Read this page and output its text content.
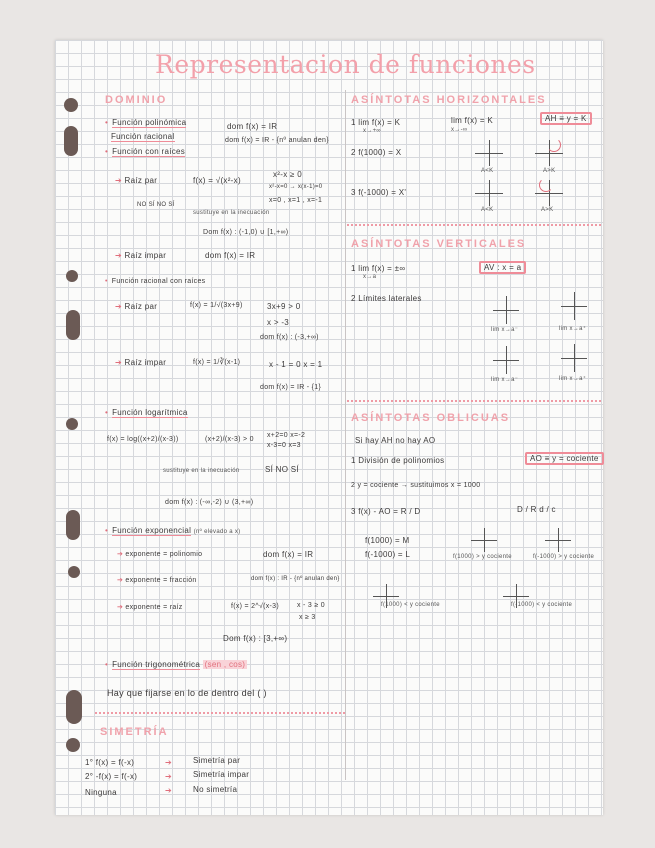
Representacion de funciones
DOMINIO
• Función polinómica	dom f(x) = IR
Función racional	dom f(x) = IR - {nº anulan den}
• Función con raíces
➔ Raíz par	f(x) = √(x²-x)
x²-x ≥ 0
x²-x=0 → x(x-1)=0
x=0 , x=1 , x=-1
NO SÍ NO SÍ
sustituye en la inecuación
Dom f(x) : (-1,0) ∪ [1,+∞)
➔ Raíz impar	dom f(x) = IR
• Función racional con raíces
➔ Raíz par	f(x) = 1/√(3x+9)	3x+9 > 0
x > -3
dom f(x) : (-3,+∞)
➔ Raíz impar	f(x) = 1/∛(x-1)	x - 1 = 0 x = 1
dom f(x) = IR - {1}
• Función logarítmica
f(x) = log((x+2)/(x-3))	(x+2)/(x-3) > 0
x+2=0 x=-2
x-3=0 x=3
sustituye en la inecuación	SÍ NO SÍ
dom f(x) : (-∞,-2) ∪ (3,+∞)
• Función exponencial (nº elevado a x)
➔ exponente = polinomio	dom f(x) = IR
➔ exponente = fracción	dom f(x) : IR - {nº anulan den}
➔ exponente = raíz	f(x) = 2^√(x-3)	x - 3 ≥ 0
x ≥ 3
Dom f(x) : [3,+∞)
• Función trigonométrica (sen , cos)
Hay que fijarse en lo de dentro del ( )
SIMETRÍA
1° f(x) = f(-x)	➔	Simetría par
2° -f(x) = f(-x)	➔	Simetría impar
Ninguna	➔	No simetría
ASÍNTOTAS HORIZONTALES
1 lim f(x) = K
x→+∞
lim f(x) = K
x→-∞
AH ≡ y = K
2 f(1000) = X
3 f(-1000) = X'
A<K	A>K
A<K	A>K
ASÍNTOTAS VERTICALES
1 lim f(x) = ±∞
x→a
AV : x = a
2 Límites laterales
lim x→a⁻	lim x→a⁺
lim x→a⁻	lim x→a⁺
ASÍNTOTAS OBLICUAS
Si hay AH no hay AO
1 División de polinomios	AO ≡ y = cociente
2 y = cociente → sustituimos x = 1000
3 f(x) - AO = R / D	D / R d / c
f(1000) = M
f(-1000) = L	f(1000) > y cociente	f(-1000) > y cociente
f(1000) < y cociente	f(-1000) < y cociente
